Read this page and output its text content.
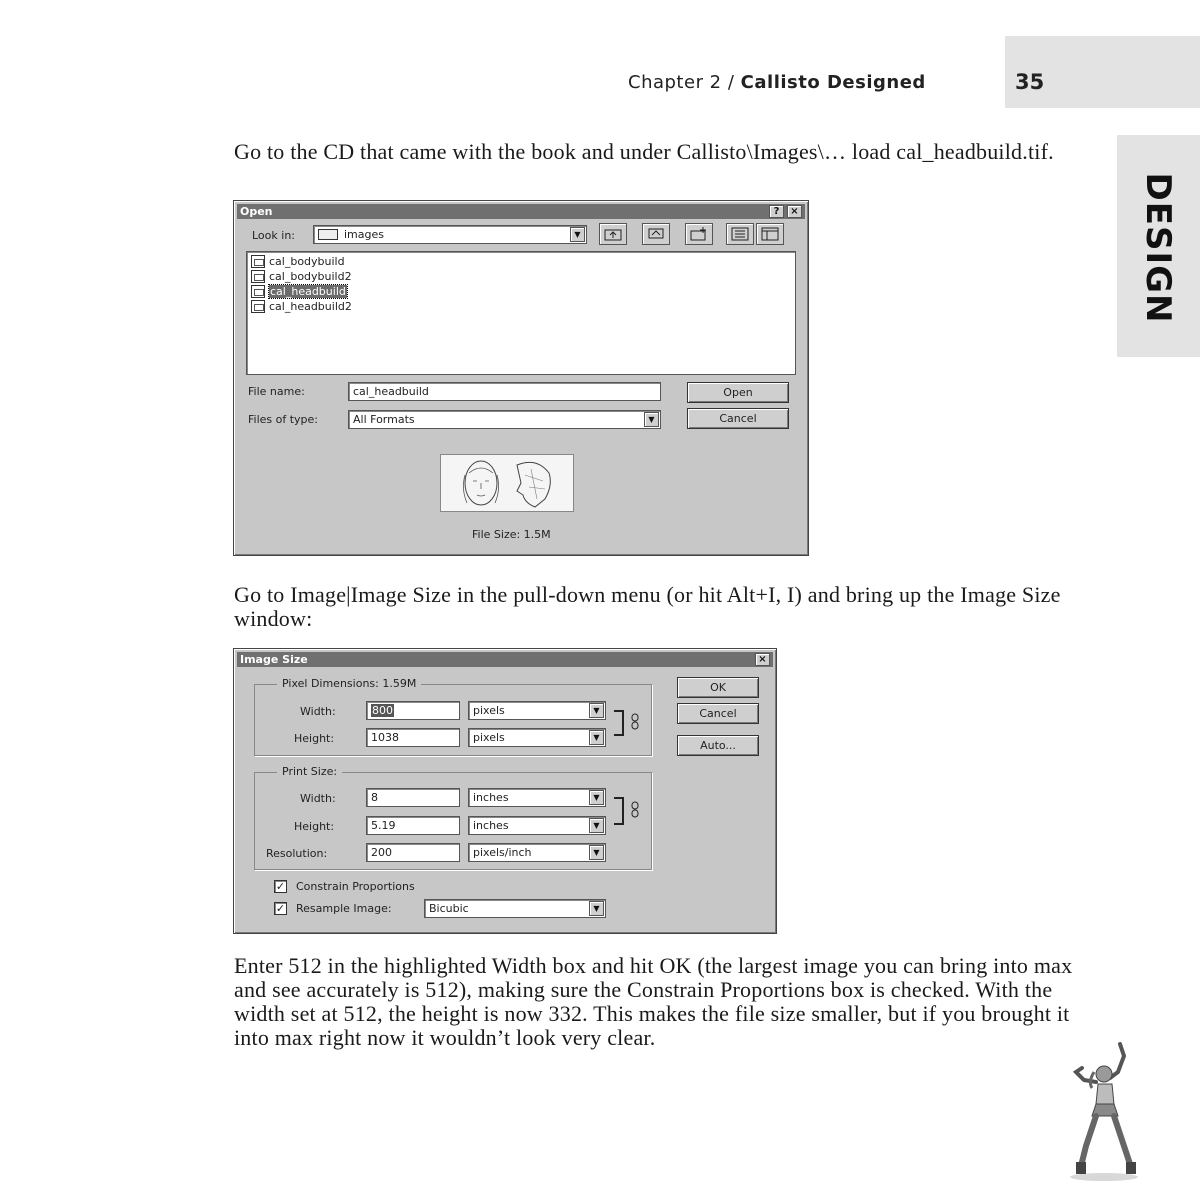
Chapter 2 / Callisto Designed	35
DESIGN

Go to the CD that came with the book and under Callisto\Images\… load cal_headbuild.tif.

Open	?	×
Look in:	images	▼
cal_bodybuild
cal_bodybuild2
cal_headbuild
cal_headbuild2
File name:	cal_headbuild
Files of type:	All Formats	▼
Open
Cancel
File Size: 1.5M

Go to Image|Image Size in the pull-down menu (or hit Alt+I, I) and bring up the Image Size window:

Image Size	×
Pixel Dimensions: 1.59M
Width:	800	pixels	▼
Height:	1038	pixels	▼
Print Size:
Width:	8	inches	▼
Height:	5.19	inches	▼
Resolution:	200	pixels/inch	▼
✓ Constrain Proportions
✓ Resample Image:	Bicubic	▼
OK
Cancel
Auto...

Enter 512 in the highlighted Width box and hit OK (the largest image you can bring into max and see accurately is 512), making sure the Constrain Proportions box is checked. With the width set at 512, the height is now 332. This makes the file size smaller, but if you brought it into max right now it wouldn’t look very clear.
